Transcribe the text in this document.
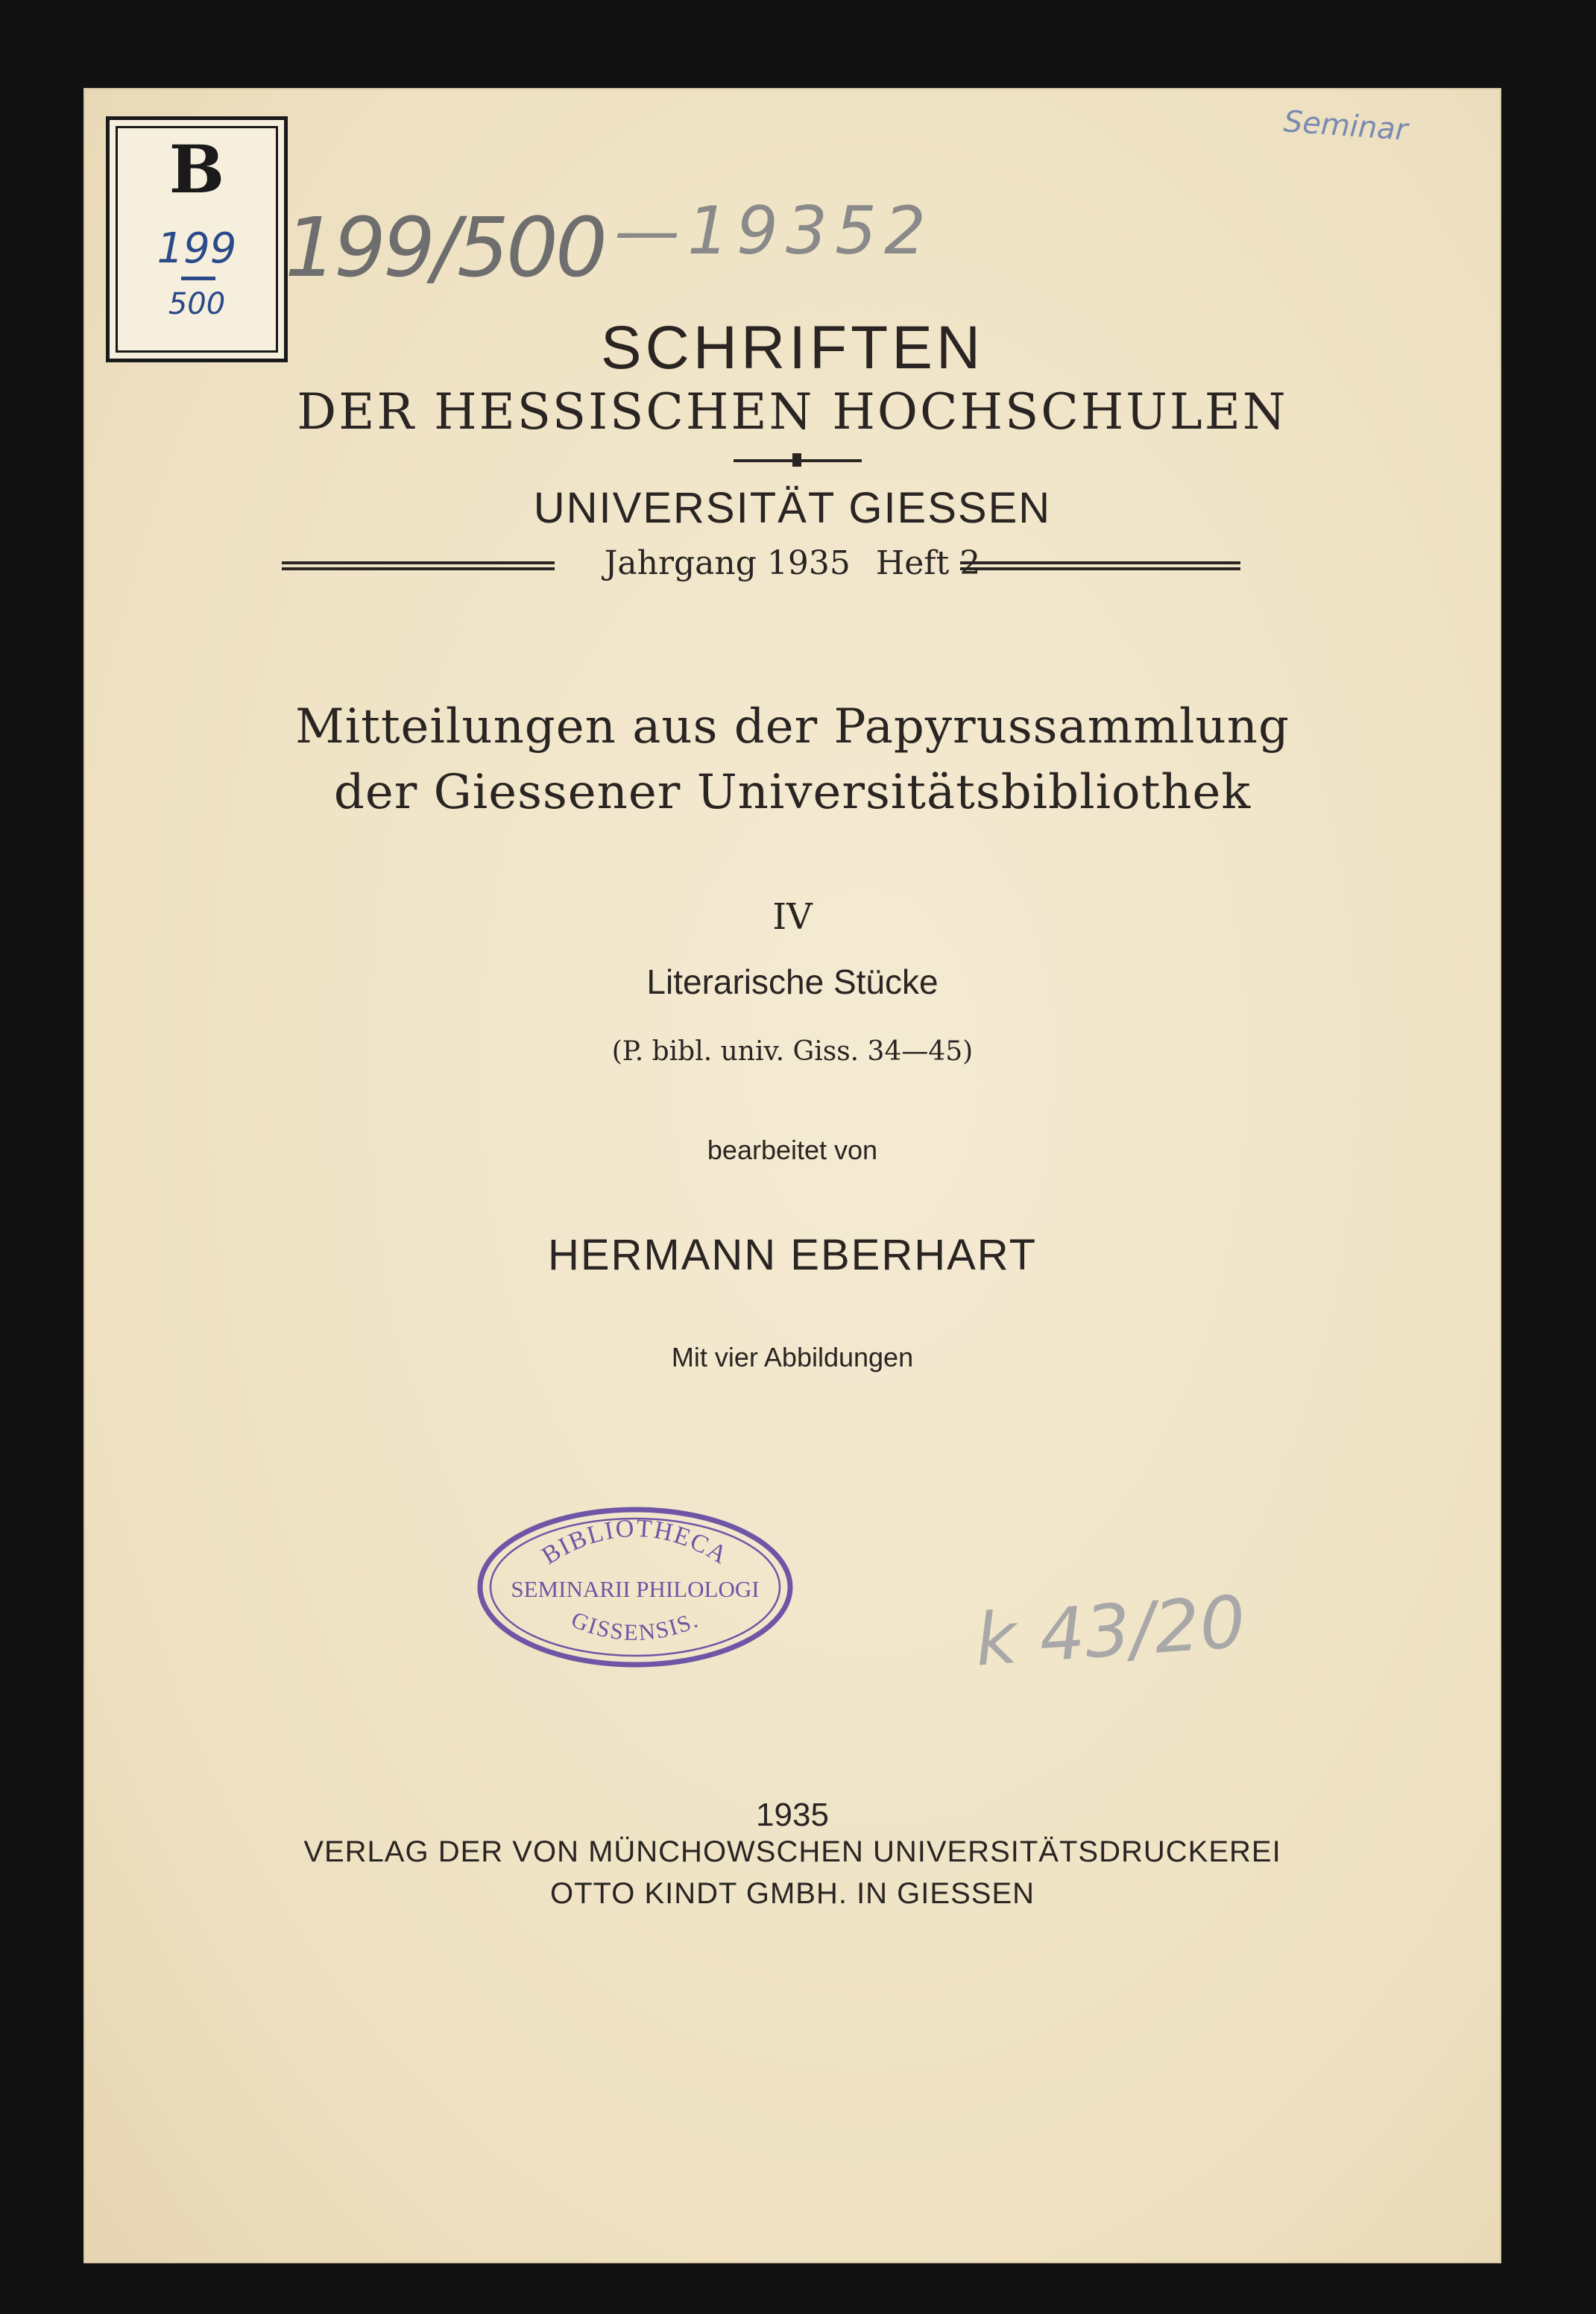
B
199
500
Seminar
199/500 —19352
SCHRIFTEN
DER HESSISCHEN HOCHSCHULEN
UNIVERSITÄT GIESSEN
Jahrgang 1935 Heft 2
Mitteilungen aus der Papyrussammlung
der Giessener Universitätsbibliothek
IV
Literarische Stücke
(P. bibl. univ. Giss. 34—45)
bearbeitet von
HERMANN EBERHART
Mit vier Abbildungen
BIBLIOTHECA
SEMINARII PHILOLOGI
GISSENSIS.	k 43/20
1935
VERLAG DER VON MÜNCHOWSCHEN UNIVERSITÄTSDRUCKEREI
OTTO KINDT GMBH. IN GIESSEN
